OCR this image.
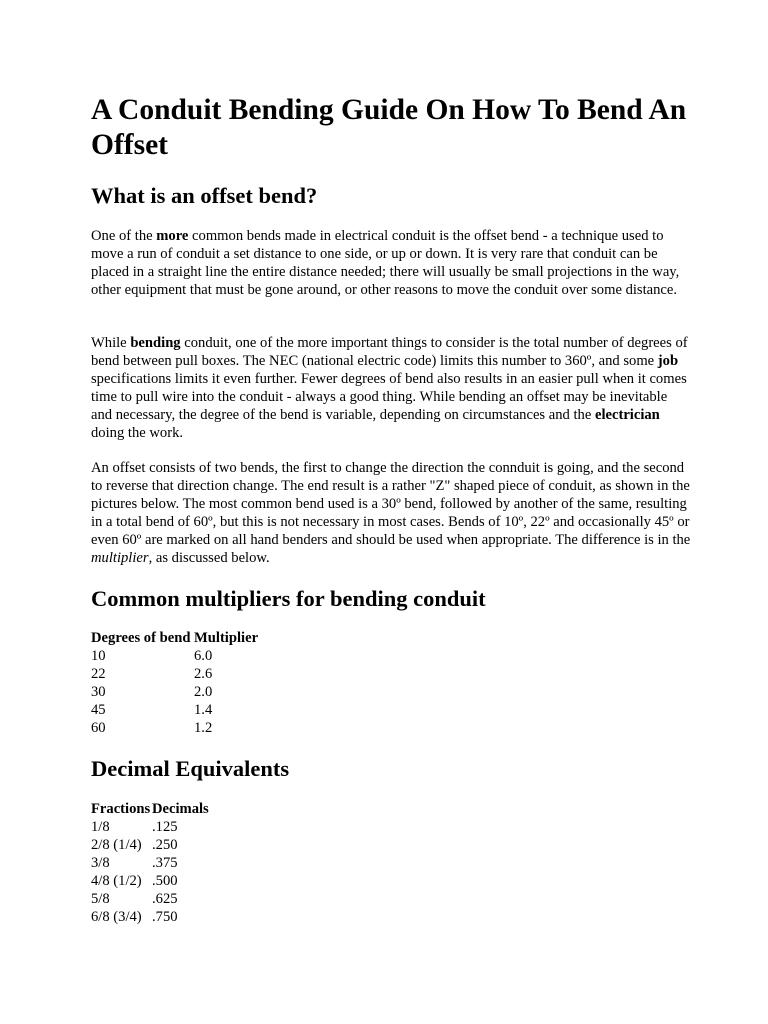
A Conduit Bending Guide On How To Bend An Offset
What is an offset bend?

One of the more common bends made in electrical conduit is the offset bend - a technique used to move a run of conduit a set distance to one side, or up or down. It is very rare that conduit can be placed in a straight line the entire distance needed; there will usually be small projections in the way, other equipment that must be gone around, or other reasons to move the conduit over some distance.

While bending conduit, one of the more important things to consider is the total number of degrees of bend between pull boxes. The NEC (national electric code) limits this number to 360º, and some job specifications limits it even further. Fewer degrees of bend also results in an easier pull when it comes time to pull wire into the conduit - always a good thing. While bending an offset may be inevitable and necessary, the degree of the bend is variable, depending on circumstances and the electrician doing the work.

An offset consists of two bends, the first to change the direction the connduit is going, and the second to reverse that direction change. The end result is a rather "Z" shaped piece of conduit, as shown in the pictures below. The most common bend used is a 30º bend, followed by another of the same, resulting in a total bend of 60º, but this is not necessary in most cases. Bends of 10º, 22º and occasionally 45º or even 60º are marked on all hand benders and should be used when appropriate. The difference is in the multiplier, as discussed below.

Common multipliers for bending conduit
Degrees of bend	Multiplier
10	6.0
22	2.6
30	2.0
45	1.4
60	1.2
Decimal Equivalents
Fractions	Decimals
1/8	.125
2/8 (1/4)	.250
3/8	.375
4/8 (1/2)	.500
5/8	.625
6/8 (3/4)	.750
